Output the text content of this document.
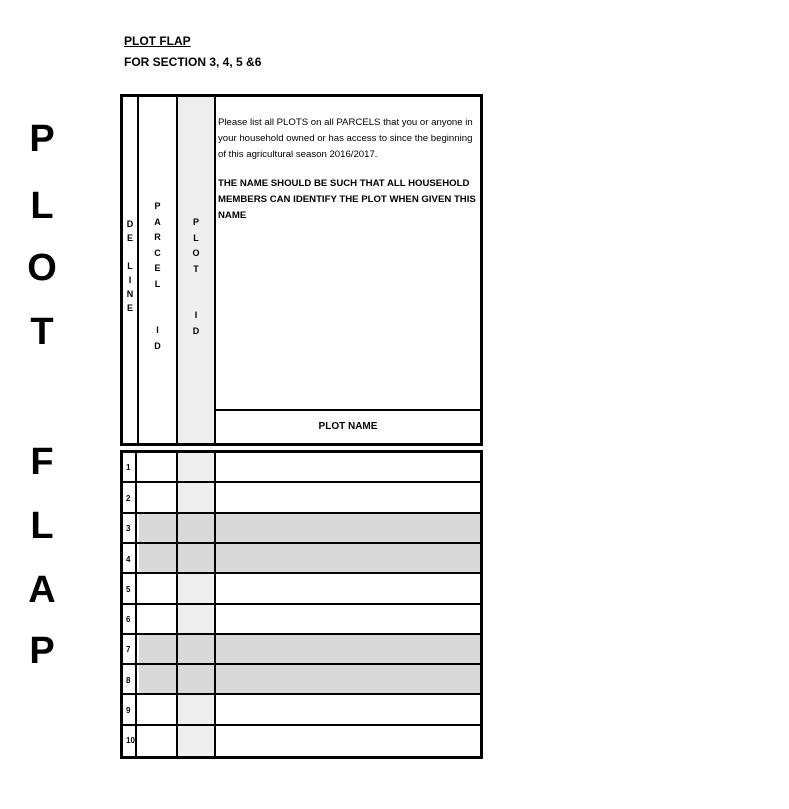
PLOT FLAP
FOR SECTION 3, 4, 5 &6
P
L
O
T
F
L
A
P
D
E
L
I
N
E
P
A
R
C
E
L
I
D
P
L
O
T
I
D
Please list all PLOTS on all PARCELS that you or anyone in your household owned or has access to since the beginning of this agricultural season 2016/2017.
THE NAME SHOULD BE SUCH THAT ALL HOUSEHOLD MEMBERS CAN IDENTIFY THE PLOT WHEN GIVEN THIS NAME
PLOT NAME
1
2
3
4
5
6
7
8
9
10
